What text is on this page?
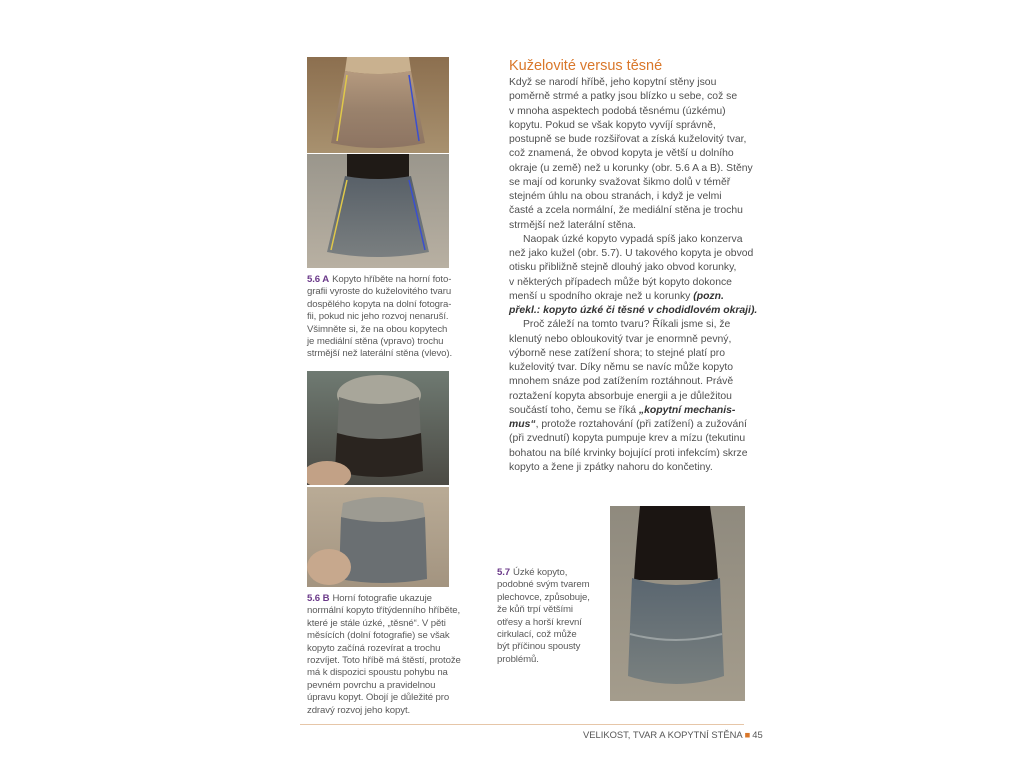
5.6 A Kopyto hříběte na horní foto-
grafii vyroste do kuželovitého tvaru
dospělého kopyta na dolní fotogra-
fii, pokud nic jeho rozvoj nenaruší.
Všimněte si, že na obou kopytech
je mediální stěna (vpravo) trochu
strmější než laterální stěna (vlevo).
5.6 B Horní fotografie ukazuje
normální kopyto třítýdenního hříběte,
které je stále úzké, „těsné“. V pěti
měsících (dolní fotografie) se však
kopyto začíná rozevírat a trochu
rozvíjet. Toto hříbě má štěstí, protože
má k dispozici spoustu pohybu na
pevném povrchu a pravidelnou
úpravu kopyt. Obojí je důležité pro
zdravý rozvoj jeho kopyt.
Kuželovité versus těsné
Když se narodí hříbě, jeho kopytní stěny jsou
poměrně strmé a patky jsou blízko u sebe, což se
v mnoha aspektech podobá těsnému (úzkému)
kopytu. Pokud se však kopyto vyvíjí správně,
postupně se bude rozšiřovat a získá kuželovitý tvar,
což znamená, že obvod kopyta je větší u dolního
okraje (u země) než u korunky (obr. 5.6 A a B). Stěny
se mají od korunky svažovat šikmo dolů v téměř
stejném úhlu na obou stranách, i když je velmi
časté a zcela normální, že mediální stěna je trochu
strmější než laterální stěna.
Naopak úzké kopyto vypadá spíš jako konzerva
než jako kužel (obr. 5.7). U takového kopyta je obvod
otisku přibližně stejně dlouhý jako obvod korunky,
v některých případech může být kopyto dokonce
menší u spodního okraje než u korunky (pozn.
překl.: kopyto úzké či těsné v chodidlovém okraji).
Proč záleží na tomto tvaru? Říkali jsme si, že
klenutý nebo obloukovitý tvar je enormně pevný,
výborně nese zatížení shora; to stejné platí pro
kuželovitý tvar. Díky němu se navíc může kopyto
mnohem snáze pod zatížením roztáhnout. Právě
roztažení kopyta absorbuje energii a je důležitou
součástí toho, čemu se říká „kopytní mechanis-
mus“, protože roztahování (při zatížení) a zužování
(při zvednutí) kopyta pumpuje krev a mízu (tekutinu
bohatou na bílé krvinky bojující proti infekcím) skrze
kopyto a žene ji zpátky nahoru do končetiny.
5.7 Úzké kopyto,
podobné svým tvarem
plechovce, způsobuje,
že kůň trpí většími
otřesy a horší krevní
cirkulací, což může
být příčinou spousty
problémů.
VELIKOST, TVAR A KOPYTNÍ STĚNA ■ 45
